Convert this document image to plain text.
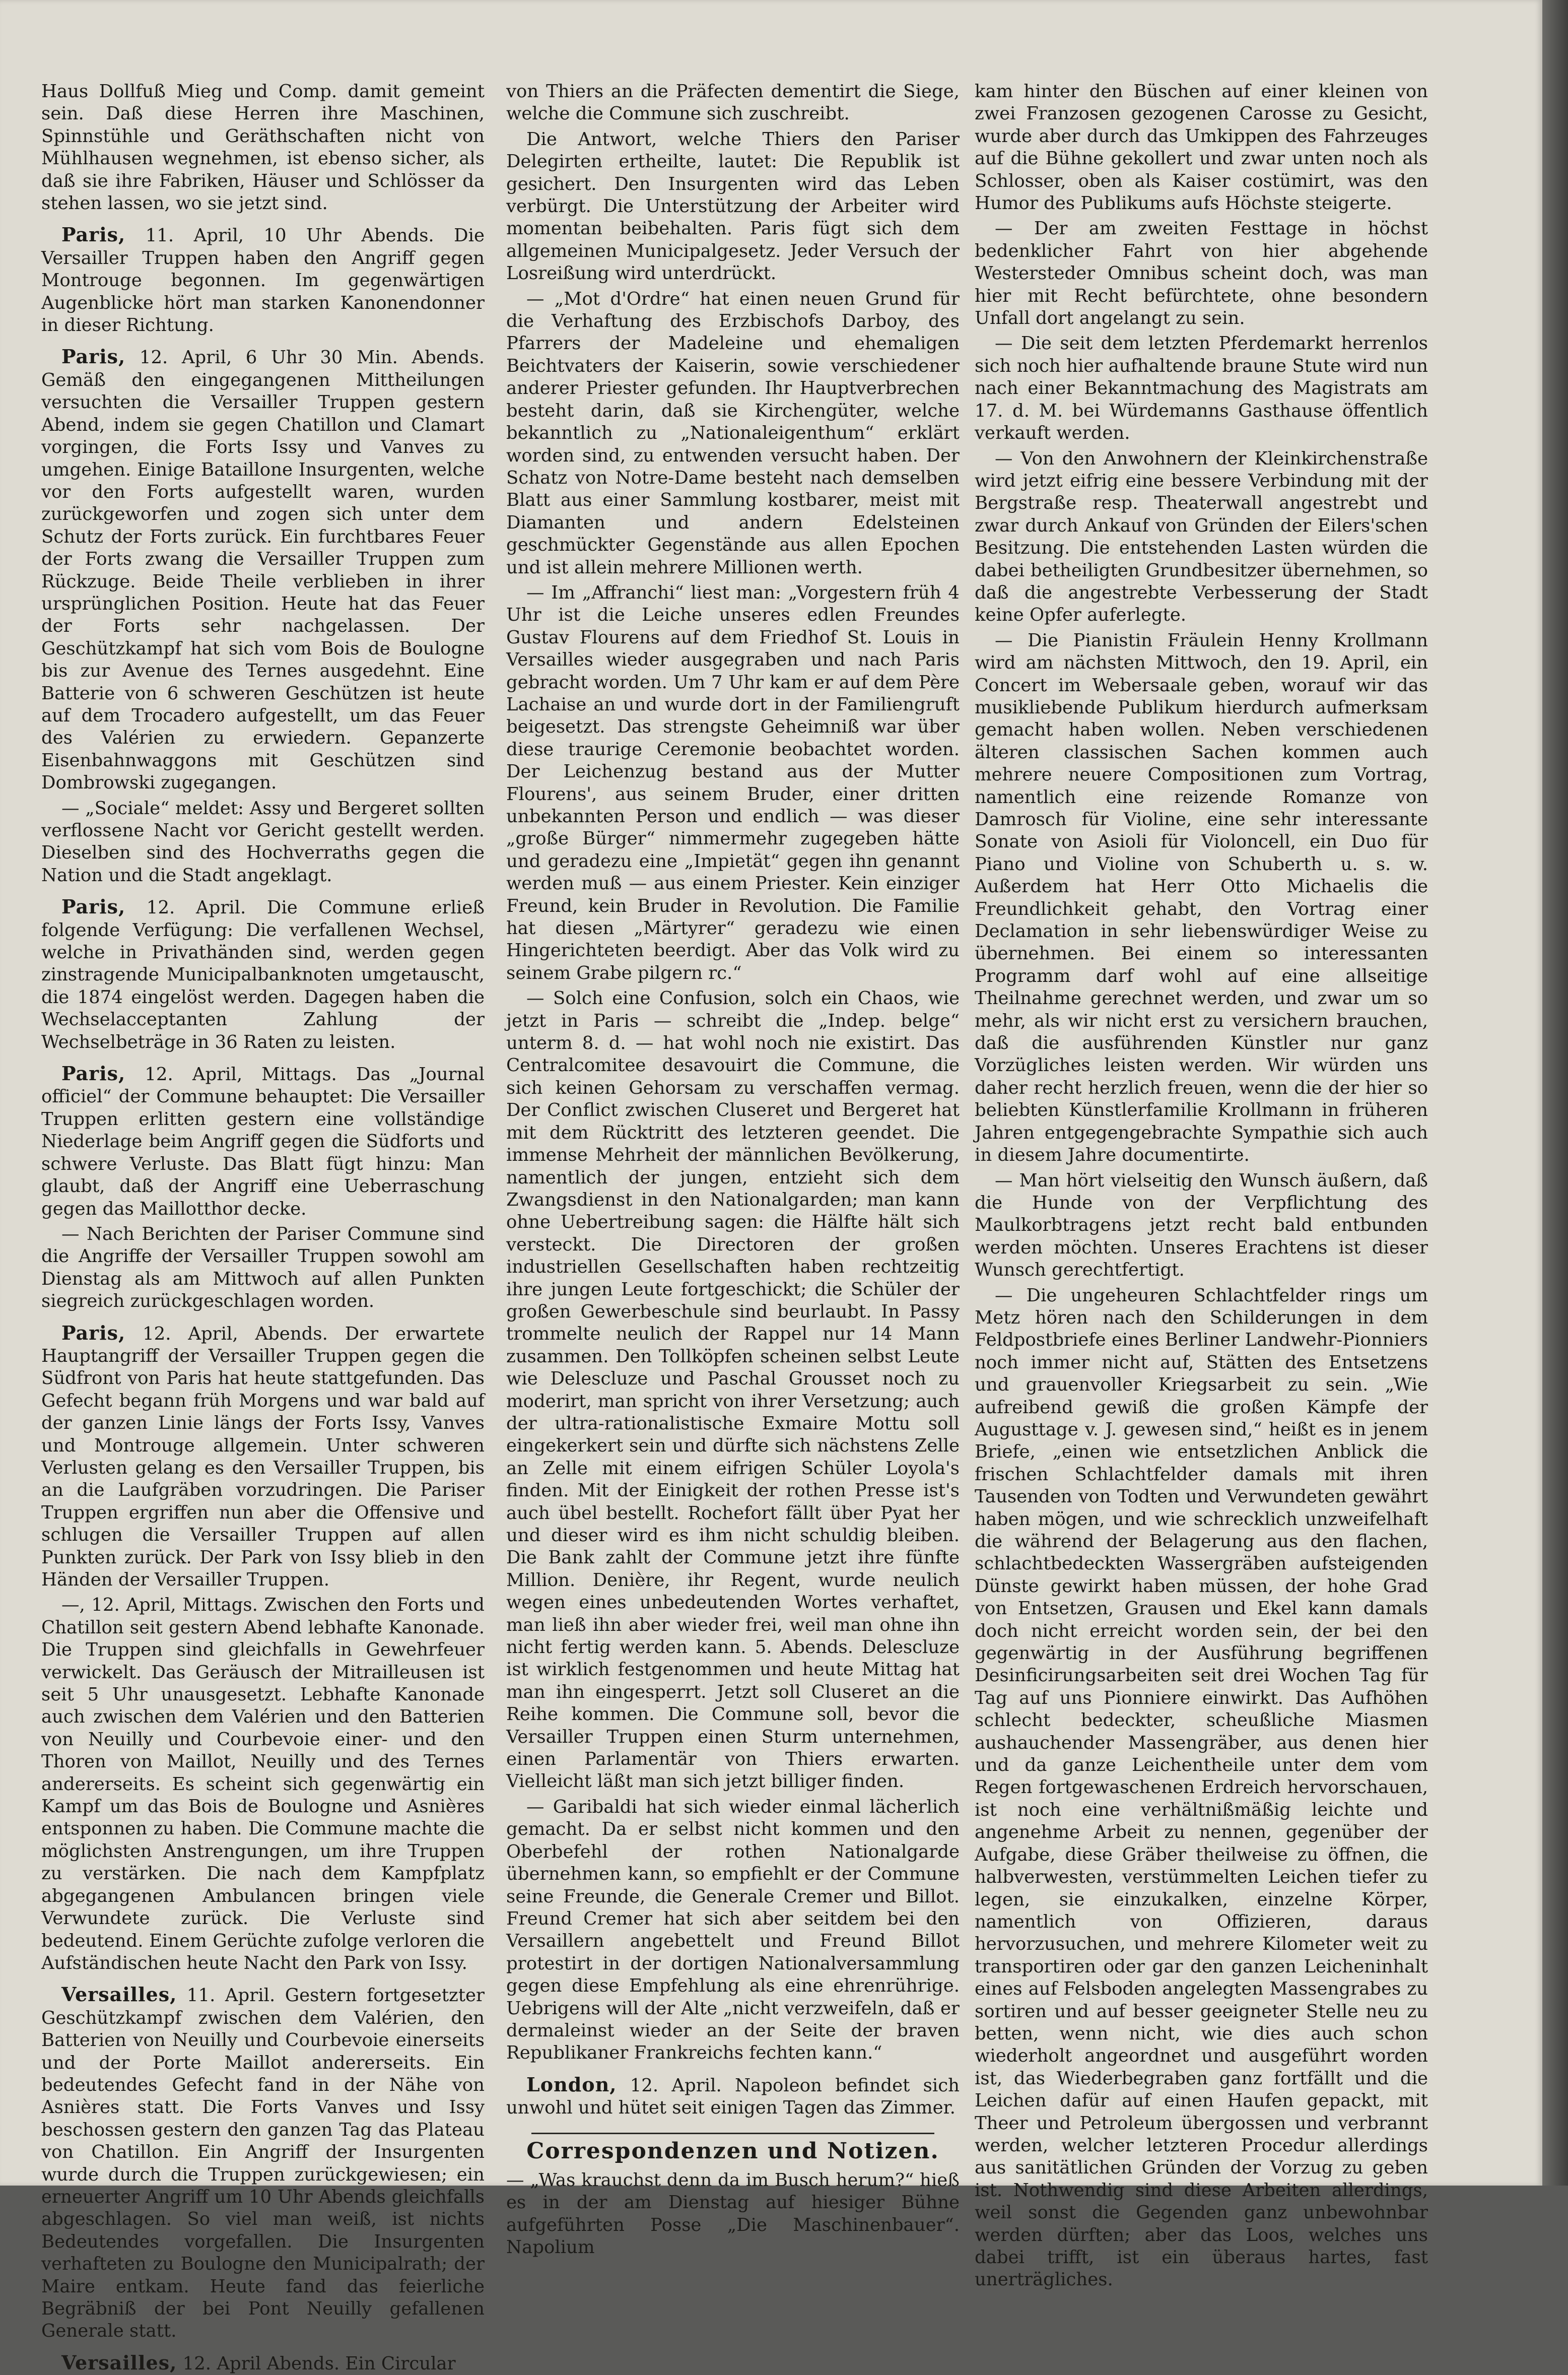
Haus Dollfuß Mieg und Comp. damit gemeint sein. Daß diese Herren ihre Maschinen, Spinnstühle und Geräthschaften nicht von Mühlhausen wegnehmen, ist ebenso sicher, als daß sie ihre Fabriken, Häuser und Schlösser da stehen lassen, wo sie jetzt sind.

Paris, 11. April, 10 Uhr Abends. Die Versailler Truppen haben den Angriff gegen Montrouge begonnen. Im gegenwärtigen Augenblicke hört man starken Kanonendonner in dieser Richtung.

Paris, 12. April, 6 Uhr 30 Min. Abends. Gemäß den eingegangenen Mittheilungen versuchten die Versailler Truppen gestern Abend, indem sie gegen Chatillon und Clamart vorgingen, die Forts Issy und Vanves zu umgehen. Einige Bataillone Insurgenten, welche vor den Forts aufgestellt waren, wurden zurückgeworfen und zogen sich unter dem Schutz der Forts zurück. Ein furchtbares Feuer der Forts zwang die Versailler Truppen zum Rückzuge. Beide Theile verblieben in ihrer ursprünglichen Position. Heute hat das Feuer der Forts sehr nachgelassen. Der Geschützkampf hat sich vom Bois de Boulogne bis zur Avenue des Ternes ausgedehnt. Eine Batterie von 6 schweren Geschützen ist heute auf dem Trocadero aufgestellt, um das Feuer des Valérien zu erwiedern. Gepanzerte Eisenbahnwaggons mit Geschützen sind Dombrowski zugegangen.

— „Sociale“ meldet: Assy und Bergeret sollten verflossene Nacht vor Gericht gestellt werden. Dieselben sind des Hochverraths gegen die Nation und die Stadt angeklagt.

Paris, 12. April. Die Commune erließ folgende Verfügung: Die verfallenen Wechsel, welche in Privathänden sind, werden gegen zinstragende Municipalbanknoten umgetauscht, die 1874 eingelöst werden. Dagegen haben die Wechselacceptanten Zahlung der Wechselbeträge in 36 Raten zu leisten.

Paris, 12. April, Mittags. Das „Journal officiel“ der Commune behauptet: Die Versailler Truppen erlitten gestern eine vollständige Niederlage beim Angriff gegen die Südforts und schwere Verluste. Das Blatt fügt hinzu: Man glaubt, daß der Angriff eine Ueberraschung gegen das Maillotthor decke.

— Nach Berichten der Pariser Commune sind die Angriffe der Versailler Truppen sowohl am Dienstag als am Mittwoch auf allen Punkten siegreich zurückgeschlagen worden.

Paris, 12. April, Abends. Der erwartete Hauptangriff der Versailler Truppen gegen die Südfront von Paris hat heute stattgefunden. Das Gefecht begann früh Morgens und war bald auf der ganzen Linie längs der Forts Issy, Vanves und Montrouge allgemein. Unter schweren Verlusten gelang es den Versailler Truppen, bis an die Laufgräben vorzudringen. Die Pariser Truppen ergriffen nun aber die Offensive und schlugen die Versailler Truppen auf allen Punkten zurück. Der Park von Issy blieb in den Händen der Versailler Truppen.

—, 12. April, Mittags. Zwischen den Forts und Chatillon seit gestern Abend lebhafte Kanonade. Die Truppen sind gleichfalls in Gewehrfeuer verwickelt. Das Geräusch der Mitrailleusen ist seit 5 Uhr unausgesetzt. Lebhafte Kanonade auch zwischen dem Valérien und den Batterien von Neuilly und Courbevoie einer- und den Thoren von Maillot, Neuilly und des Ternes andererseits. Es scheint sich gegenwärtig ein Kampf um das Bois de Boulogne und Asnières entsponnen zu haben. Die Commune machte die möglichsten Anstrengungen, um ihre Truppen zu verstärken. Die nach dem Kampfplatz abgegangenen Ambulancen bringen viele Verwundete zurück. Die Verluste sind bedeutend. Einem Gerüchte zufolge verloren die Aufständischen heute Nacht den Park von Issy.

Versailles, 11. April. Gestern fortgesetzter Geschützkampf zwischen dem Valérien, den Batterien von Neuilly und Courbevoie einerseits und der Porte Maillot andererseits. Ein bedeutendes Gefecht fand in der Nähe von Asnières statt. Die Forts Vanves und Issy beschossen gestern den ganzen Tag das Plateau von Chatillon. Ein Angriff der Insurgenten wurde durch die Truppen zurückgewiesen; ein erneuerter Angriff um 10 Uhr Abends gleichfalls abgeschlagen. So viel man weiß, ist nichts Bedeutendes vorgefallen. Die Insurgenten verhafteten zu Boulogne den Municipalrath; der Maire entkam. Heute fand das feierliche Begräbniß der bei Pont Neuilly gefallenen Generale statt.

Versailles, 12. April Abends. Ein Circular

von Thiers an die Präfecten dementirt die Siege, welche die Commune sich zuschreibt.

Die Antwort, welche Thiers den Pariser Delegirten ertheilte, lautet: Die Republik ist gesichert. Den Insurgenten wird das Leben verbürgt. Die Unterstützung der Arbeiter wird momentan beibehalten. Paris fügt sich dem allgemeinen Municipalgesetz. Jeder Versuch der Losreißung wird unterdrückt.

— „Mot d'Ordre“ hat einen neuen Grund für die Verhaftung des Erzbischofs Darboy, des Pfarrers der Madeleine und ehemaligen Beichtvaters der Kaiserin, sowie verschiedener anderer Priester gefunden. Ihr Hauptverbrechen besteht darin, daß sie Kirchengüter, welche bekanntlich zu „Nationaleigenthum“ erklärt worden sind, zu entwenden versucht haben. Der Schatz von Notre-Dame besteht nach demselben Blatt aus einer Sammlung kostbarer, meist mit Diamanten und andern Edelsteinen geschmückter Gegenstände aus allen Epochen und ist allein mehrere Millionen werth.

— Im „Affranchi“ liest man: „Vorgestern früh 4 Uhr ist die Leiche unseres edlen Freundes Gustav Flourens auf dem Friedhof St. Louis in Versailles wieder ausgegraben und nach Paris gebracht worden. Um 7 Uhr kam er auf dem Père Lachaise an und wurde dort in der Familiengruft beigesetzt. Das strengste Geheimniß war über diese traurige Ceremonie beobachtet worden. Der Leichenzug bestand aus der Mutter Flourens', aus seinem Bruder, einer dritten unbekannten Person und endlich — was dieser „große Bürger“ nimmermehr zugegeben hätte und geradezu eine „Impietät“ gegen ihn genannt werden muß — aus einem Priester. Kein einziger Freund, kein Bruder in Revolution. Die Familie hat diesen „Märtyrer“ geradezu wie einen Hingerichteten beerdigt. Aber das Volk wird zu seinem Grabe pilgern rc.“

— Solch eine Confusion, solch ein Chaos, wie jetzt in Paris — schreibt die „Indep. belge“ unterm 8. d. — hat wohl noch nie existirt. Das Centralcomitee desavouirt die Commune, die sich keinen Gehorsam zu verschaffen vermag. Der Conflict zwischen Cluseret und Bergeret hat mit dem Rücktritt des letzteren geendet. Die immense Mehrheit der männlichen Bevölkerung, namentlich der jungen, entzieht sich dem Zwangsdienst in den Nationalgarden; man kann ohne Uebertreibung sagen: die Hälfte hält sich versteckt. Die Directoren der großen industriellen Gesellschaften haben rechtzeitig ihre jungen Leute fortgeschickt; die Schüler der großen Gewerbeschule sind beurlaubt. In Passy trommelte neulich der Rappel nur 14 Mann zusammen. Den Tollköpfen scheinen selbst Leute wie Delescluze und Paschal Grousset noch zu moderirt, man spricht von ihrer Versetzung; auch der ultra-rationalistische Exmaire Mottu soll eingekerkert sein und dürfte sich nächstens Zelle an Zelle mit einem eifrigen Schüler Loyola's finden. Mit der Einigkeit der rothen Presse ist's auch übel bestellt. Rochefort fällt über Pyat her und dieser wird es ihm nicht schuldig bleiben. Die Bank zahlt der Commune jetzt ihre fünfte Million. Denière, ihr Regent, wurde neulich wegen eines unbedeutenden Wortes verhaftet, man ließ ihn aber wieder frei, weil man ohne ihn nicht fertig werden kann. 5. Abends. Delescluze ist wirklich festgenommen und heute Mittag hat man ihn eingesperrt. Jetzt soll Cluseret an die Reihe kommen. Die Commune soll, bevor die Versailler Truppen einen Sturm unternehmen, einen Parlamentär von Thiers erwarten. Vielleicht läßt man sich jetzt billiger finden.

— Garibaldi hat sich wieder einmal lächerlich gemacht. Da er selbst nicht kommen und den Oberbefehl der rothen Nationalgarde übernehmen kann, so empfiehlt er der Commune seine Freunde, die Generale Cremer und Billot. Freund Cremer hat sich aber seitdem bei den Versaillern angebettelt und Freund Billot protestirt in der dortigen Nationalversammlung gegen diese Empfehlung als eine ehrenrührige. Uebrigens will der Alte „nicht verzweifeln, daß er dermaleinst wieder an der Seite der braven Republikaner Frankreichs fechten kann.“

London, 12. April. Napoleon befindet sich unwohl und hütet seit einigen Tagen das Zimmer.

Correspondenzen und Notizen.

— „Was krauchst denn da im Busch herum?“ hieß es in der am Dienstag auf hiesiger Bühne aufgeführten Posse „Die Maschinenbauer“. Napolium

kam hinter den Büschen auf einer kleinen von zwei Franzosen gezogenen Carosse zu Gesicht, wurde aber durch das Umkippen des Fahrzeuges auf die Bühne gekollert und zwar unten noch als Schlosser, oben als Kaiser costümirt, was den Humor des Publikums aufs Höchste steigerte.

— Der am zweiten Festtage in höchst bedenklicher Fahrt von hier abgehende Westersteder Omnibus scheint doch, was man hier mit Recht befürchtete, ohne besondern Unfall dort angelangt zu sein.

— Die seit dem letzten Pferdemarkt herrenlos sich noch hier aufhaltende braune Stute wird nun nach einer Bekanntmachung des Magistrats am 17. d. M. bei Würdemanns Gasthause öffentlich verkauft werden.

— Von den Anwohnern der Kleinkirchenstraße wird jetzt eifrig eine bessere Verbindung mit der Bergstraße resp. Theaterwall angestrebt und zwar durch Ankauf von Gründen der Eilers'schen Besitzung. Die entstehenden Lasten würden die dabei betheiligten Grundbesitzer übernehmen, so daß die angestrebte Verbesserung der Stadt keine Opfer auferlegte.

— Die Pianistin Fräulein Henny Krollmann wird am nächsten Mittwoch, den 19. April, ein Concert im Webersaale geben, worauf wir das musikliebende Publikum hierdurch aufmerksam gemacht haben wollen. Neben verschiedenen älteren classischen Sachen kommen auch mehrere neuere Compositionen zum Vortrag, namentlich eine reizende Romanze von Damrosch für Violine, eine sehr interessante Sonate von Asioli für Violoncell, ein Duo für Piano und Violine von Schuberth u. s. w. Außerdem hat Herr Otto Michaelis die Freundlichkeit gehabt, den Vortrag einer Declamation in sehr liebenswürdiger Weise zu übernehmen. Bei einem so interessanten Programm darf wohl auf eine allseitige Theilnahme gerechnet werden, und zwar um so mehr, als wir nicht erst zu versichern brauchen, daß die ausführenden Künstler nur ganz Vorzügliches leisten werden. Wir würden uns daher recht herzlich freuen, wenn die der hier so beliebten Künstlerfamilie Krollmann in früheren Jahren entgegengebrachte Sympathie sich auch in diesem Jahre documentirte.

— Man hört vielseitig den Wunsch äußern, daß die Hunde von der Verpflichtung des Maulkorbtragens jetzt recht bald entbunden werden möchten. Unseres Erachtens ist dieser Wunsch gerechtfertigt.

— Die ungeheuren Schlachtfelder rings um Metz hören nach den Schilderungen in dem Feldpostbriefe eines Berliner Landwehr-Pionniers noch immer nicht auf, Stätten des Entsetzens und grauenvoller Kriegsarbeit zu sein. „Wie aufreibend gewiß die großen Kämpfe der Augusttage v. J. gewesen sind,“ heißt es in jenem Briefe, „einen wie entsetzlichen Anblick die frischen Schlachtfelder damals mit ihren Tausenden von Todten und Verwundeten gewährt haben mögen, und wie schrecklich unzweifelhaft die während der Belagerung aus den flachen, schlachtbedeckten Wassergräben aufsteigenden Dünste gewirkt haben müssen, der hohe Grad von Entsetzen, Grausen und Ekel kann damals doch nicht erreicht worden sein, der bei den gegenwärtig in der Ausführung begriffenen Desinficirungsarbeiten seit drei Wochen Tag für Tag auf uns Pionniere einwirkt. Das Aufhöhen schlecht bedeckter, scheußliche Miasmen aushauchender Massengräber, aus denen hier und da ganze Leichentheile unter dem vom Regen fortgewaschenen Erdreich hervorschauen, ist noch eine verhältnißmäßig leichte und angenehme Arbeit zu nennen, gegenüber der Aufgabe, diese Gräber theilweise zu öffnen, die halbverwesten, verstümmelten Leichen tiefer zu legen, sie einzukalken, einzelne Körper, namentlich von Offizieren, daraus hervorzusuchen, und mehrere Kilometer weit zu transportiren oder gar den ganzen Leicheninhalt eines auf Felsboden angelegten Massengrabes zu sortiren und auf besser geeigneter Stelle neu zu betten, wenn nicht, wie dies auch schon wiederholt angeordnet und ausgeführt worden ist, das Wiederbegraben ganz fortfällt und die Leichen dafür auf einen Haufen gepackt, mit Theer und Petroleum übergossen und verbrannt werden, welcher letzteren Procedur allerdings aus sanitätlichen Gründen der Vorzug zu geben ist. Nothwendig sind diese Arbeiten allerdings, weil sonst die Gegenden ganz unbewohnbar werden dürften; aber das Loos, welches uns dabei trifft, ist ein überaus hartes, fast unerträgliches.
